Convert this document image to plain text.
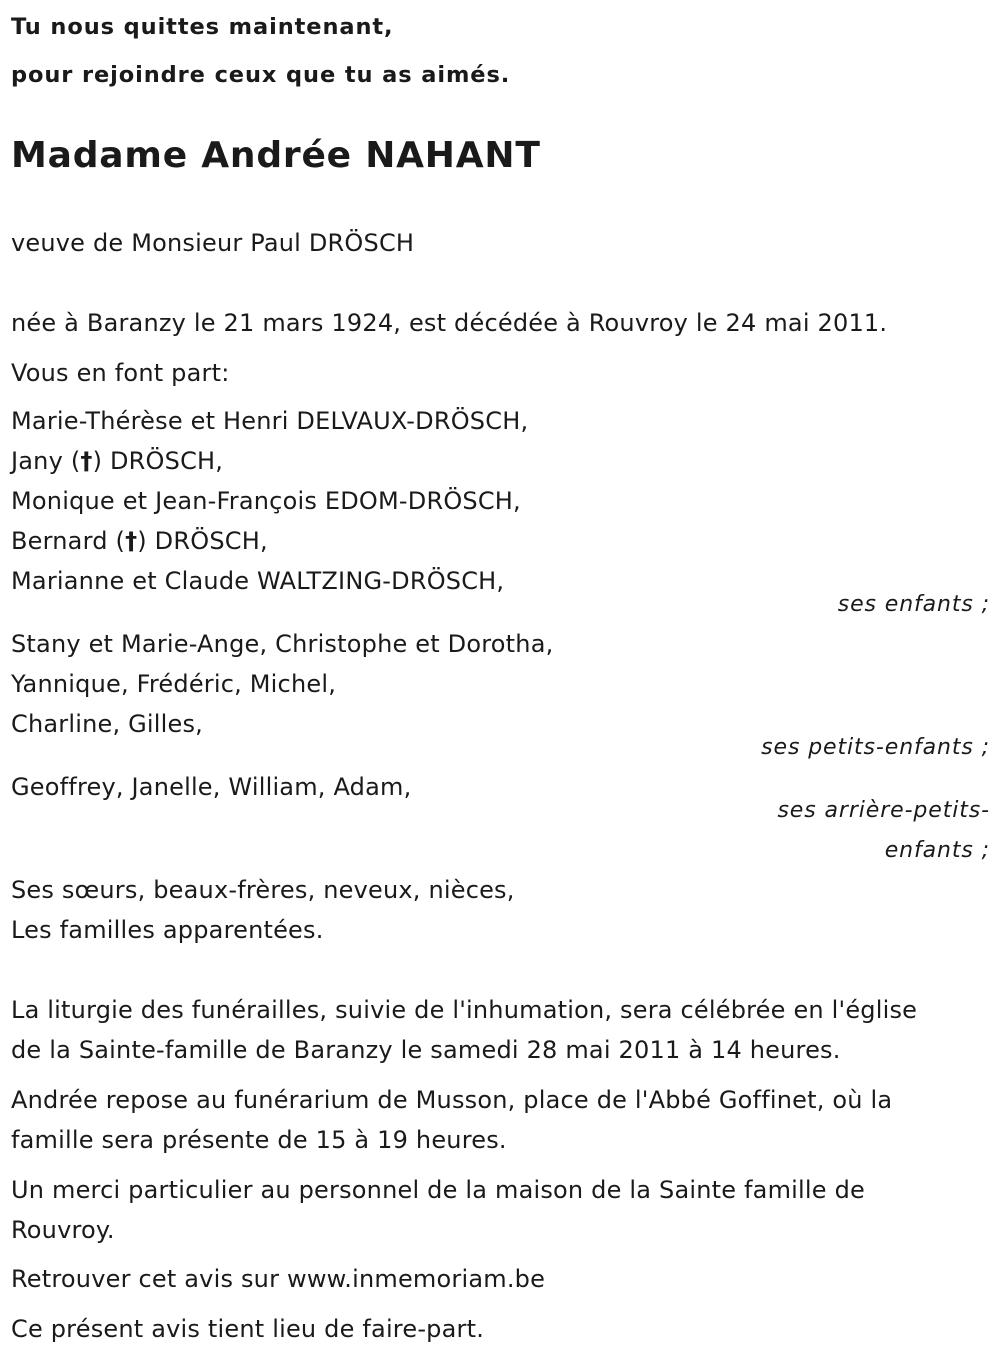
Tu nous quittes maintenant,

pour rejoindre ceux que tu as aimés.

Madame Andrée NAHANT

veuve de Monsieur Paul DRÖSCH

née à Baranzy le 21 mars 1924, est décédée à Rouvroy le 24 mai 2011.

Vous en font part:

Marie-Thérèse et Henri DELVAUX-DRÖSCH,

Jany (†) DRÖSCH,

Monique et Jean-François EDOM-DRÖSCH,

Bernard (†) DRÖSCH,

Marianne et Claude WALTZING-DRÖSCH,

ses enfants ;

Stany et Marie-Ange, Christophe et Dorotha,

Yannique, Frédéric, Michel,

Charline, Gilles,

ses petits-enfants ;

Geoffrey, Janelle, William, Adam,

ses arrière-petits-enfants ;

Ses sœurs, beaux-frères, neveux, nièces,

Les familles apparentées.

La liturgie des funérailles, suivie de l'inhumation, sera célébrée en l'église

de la Sainte-famille de Baranzy le samedi 28 mai 2011 à 14 heures.

Andrée repose au funérarium de Musson, place de l'Abbé Goffinet, où la

famille sera présente de 15 à 19 heures.

Un merci particulier au personnel de la maison de la Sainte famille de

Rouvroy.

Retrouver cet avis sur www.inmemoriam.be

Ce présent avis tient lieu de faire-part.
